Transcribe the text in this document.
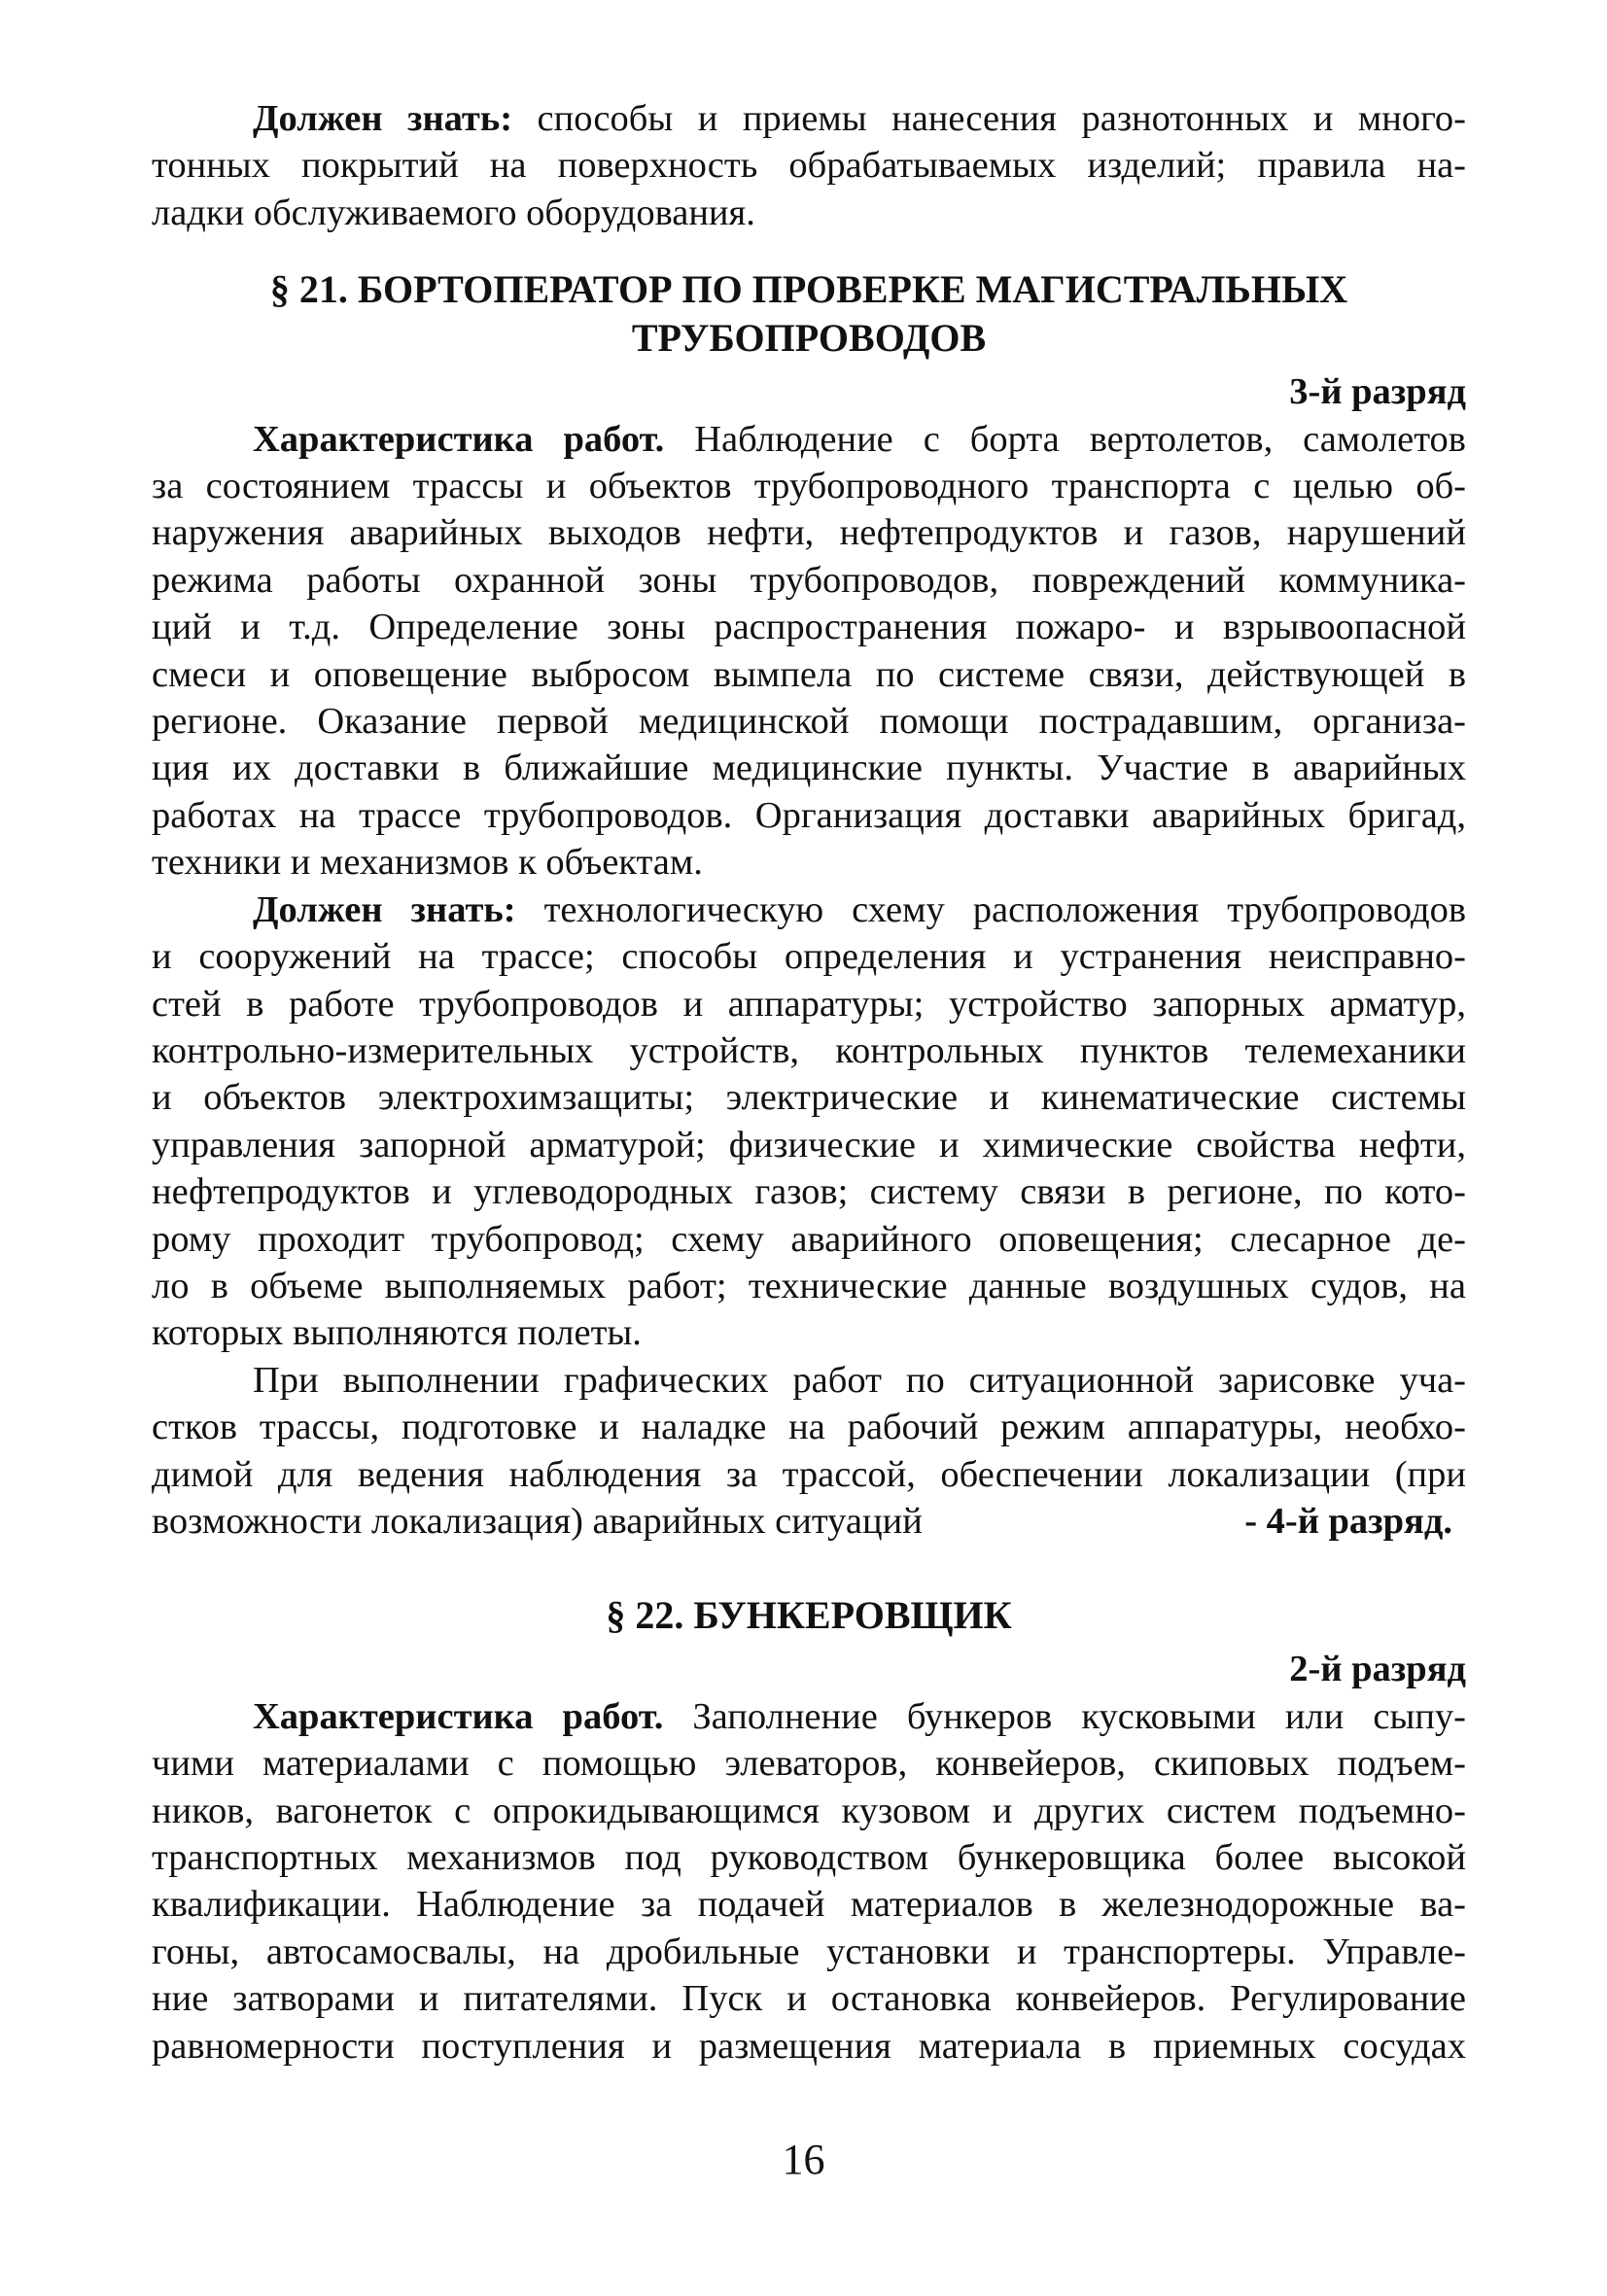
Должен знать: способы и приемы нанесения разнотонных и много-
тонных покрытий на поверхность обрабатываемых изделий; правила на-
ладки обслуживаемого оборудования.
§ 21. БОРТОПЕРАТОР ПО ПРОВЕРКЕ МАГИСТРАЛЬНЫХ
ТРУБОПРОВОДОВ
3-й разряд
Характеристика работ. Наблюдение с борта вертолетов, самолетов
за состоянием трассы и объектов трубопроводного транспорта с целью об-
наружения аварийных выходов нефти, нефтепродуктов и газов, нарушений
режима работы охранной зоны трубопроводов, повреждений коммуника-
ций и т.д. Определение зоны распространения пожаро- и взрывоопасной
смеси и оповещение выбросом вымпела по системе связи, действующей в
регионе. Оказание первой медицинской помощи пострадавшим, организа-
ция их доставки в ближайшие медицинские пункты. Участие в аварийных
работах на трассе трубопроводов. Организация доставки аварийных бригад,
техники и механизмов к объектам.
Должен знать: технологическую схему расположения трубопроводов
и сооружений на трассе; способы определения и устранения неисправно-
стей в работе трубопроводов и аппаратуры; устройство запорных арматур,
контрольно-измерительных устройств, контрольных пунктов телемеханики
и объектов электрохимзащиты; электрические и кинематические системы
управления запорной арматурой; физические и химические свойства нефти,
нефтепродуктов и углеводородных газов; систему связи в регионе, по кото-
рому проходит трубопровод; схему аварийного оповещения; слесарное де-
ло в объеме выполняемых работ; технические данные воздушных судов, на
которых выполняются полеты.
При выполнении графических работ по ситуационной зарисовке уча-
стков трассы, подготовке и наладке на рабочий режим аппаратуры, необхо-
димой для ведения наблюдения за трассой, обеспечении локализации (при
возможности локализация) аварийных ситуаций	- 4-й разряд.
§ 22. БУНКЕРОВЩИК
2-й разряд
Характеристика работ. Заполнение бункеров кусковыми или сыпу-
чими материалами с помощью элеваторов, конвейеров, скиповых подъем-
ников, вагонеток с опрокидывающимся кузовом и других систем подъемно-
транспортных механизмов под руководством бункеровщика более высокой
квалификации. Наблюдение за подачей материалов в железнодорожные ва-
гоны, автосамосвалы, на дробильные установки и транспортеры. Управле-
ние затворами и питателями. Пуск и остановка конвейеров. Регулирование
равномерности поступления и размещения материала в приемных сосудах
16
